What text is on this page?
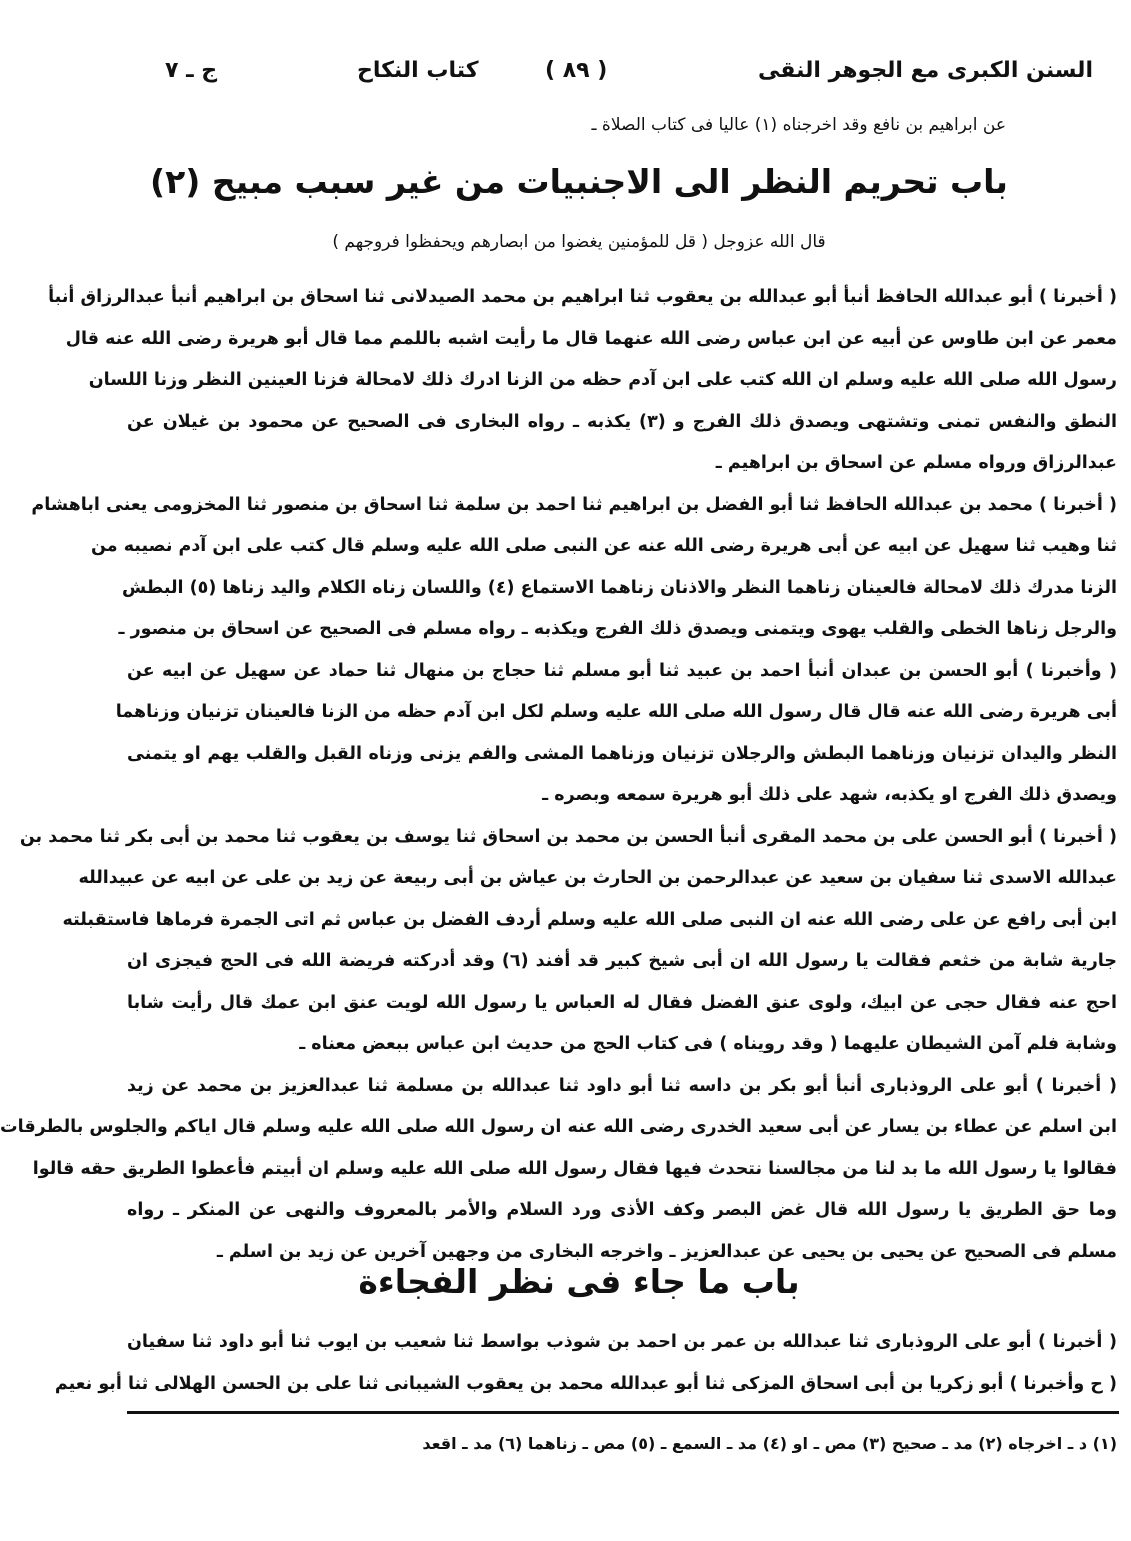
السنن الكبرى مع الجوهر النقى
( ٨٩ )
كتاب النكاح
ج ـ ٧
عن ابراهيم بن نافع وقد اخرجناه (١) عاليا فى كتاب الصلاة ـ
باب تحريم النظر الى الاجنبيات من غير سبب مبيح (٢)
قال الله عزوجل ( قل للمؤمنين يغضوا من ابصارهم ويحفظوا فروجهم )
( أخبرنا ) أبو عبدالله الحافظ أنبأ أبو عبدالله بن يعقوب ثنا ابراهيم بن محمد الصيدلانى ثنا اسحاق بن ابراهيم أنبأ عبدالرزاق أنبأ
معمر عن ابن طاوس عن أبيه عن ابن عباس رضى الله عنهما قال ما رأيت اشبه باللمم مما قال أبو هريرة رضى الله عنه قال
رسول الله صلى الله عليه وسلم ان الله كتب على ابن آدم حظه من الزنا ادرك ذلك لامحالة فزنا العينين النظر وزنا اللسان
النطق والنفس تمنى وتشتهى ويصدق ذلك الفرج و (٣) يكذبه ـ رواه البخارى فى الصحيح عن محمود بن غيلان عن
عبدالرزاق ورواه مسلم عن اسحاق بن ابراهيم ـ
( أخبرنا ) محمد بن عبدالله الحافظ ثنا أبو الفضل بن ابراهيم ثنا احمد بن سلمة ثنا اسحاق بن منصور ثنا المخزومى يعنى اباهشام
ثنا وهيب ثنا سهيل عن ابيه عن أبى هريرة رضى الله عنه عن النبى صلى الله عليه وسلم قال كتب على ابن آدم نصيبه من
الزنا مدرك ذلك لامحالة فالعينان زناهما النظر والاذنان زناهما الاستماع (٤) واللسان زناه الكلام واليد زناها (٥) البطش
والرجل زناها الخطى والقلب يهوى ويتمنى ويصدق ذلك الفرج ويكذبه ـ رواه مسلم فى الصحيح عن اسحاق بن منصور ـ
( وأخبرنا ) أبو الحسن بن عبدان أنبأ احمد بن عبيد ثنا أبو مسلم ثنا حجاج بن منهال ثنا حماد عن سهيل عن ابيه عن
أبى هريرة رضى الله عنه قال قال رسول الله صلى الله عليه وسلم لكل ابن آدم حظه من الزنا فالعينان تزنيان وزناهما
النظر واليدان تزنيان وزناهما البطش والرجلان تزنيان وزناهما المشى والفم يزنى وزناه القبل والقلب يهم او يتمنى
ويصدق ذلك الفرج او يكذبه، شهد على ذلك أبو هريرة سمعه وبصره ـ
( أخبرنا ) أبو الحسن على بن محمد المقرى أنبأ الحسن بن محمد بن اسحاق ثنا يوسف بن يعقوب ثنا محمد بن أبى بكر ثنا محمد بن
عبدالله الاسدى ثنا سفيان بن سعيد عن عبدالرحمن بن الحارث بن عياش بن أبى ربيعة عن زيد بن على عن ابيه عن عبيدالله
ابن أبى رافع عن على رضى الله عنه ان النبى صلى الله عليه وسلم أردف الفضل بن عباس ثم اتى الجمرة فرماها فاستقبلته
جارية شابة من خثعم فقالت يا رسول الله ان أبى شيخ كبير قد أفند (٦) وقد أدركته فريضة الله فى الحج فيجزى ان
احج عنه فقال حجى عن ابيك، ولوى عنق الفضل فقال له العباس يا رسول الله لويت عنق ابن عمك قال رأيت شابا
وشابة فلم آمن الشيطان عليهما ( وقد رويناه ) فى كتاب الحج من حديث ابن عباس ببعض معناه ـ
( أخبرنا ) أبو على الروذبارى أنبأ أبو بكر بن داسه ثنا أبو داود ثنا عبدالله بن مسلمة ثنا عبدالعزيز بن محمد عن زيد
ابن اسلم عن عطاء بن يسار عن أبى سعيد الخدرى رضى الله عنه ان رسول الله صلى الله عليه وسلم قال اياكم والجلوس بالطرقات
فقالوا يا رسول الله ما بد لنا من مجالسنا نتحدث فيها فقال رسول الله صلى الله عليه وسلم ان أبيتم فأعطوا الطريق حقه قالوا
وما حق الطريق يا رسول الله قال غض البصر وكف الأذى ورد السلام والأمر بالمعروف والنهى عن المنكر ـ رواه
مسلم فى الصحيح عن يحيى بن يحيى عن عبدالعزيز ـ واخرجه البخارى من وجهين آخرين عن زيد بن اسلم ـ
باب ما جاء فى نظر الفجاءة
( أخبرنا ) أبو على الروذبارى ثنا عبدالله بن عمر بن احمد بن شوذب بواسط ثنا شعيب بن ايوب ثنا أبو داود ثنا سفيان
( ح وأخبرنا ) أبو زكريا بن أبى اسحاق المزكى ثنا أبو عبدالله محمد بن يعقوب الشيبانى ثنا على بن الحسن الهلالى ثنا أبو نعيم
(١) د ـ اخرجاه (٢) مد ـ صحيح (٣) مص ـ او (٤) مد ـ السمع ـ (٥) مص ـ زناهما (٦) مد ـ اقعد
